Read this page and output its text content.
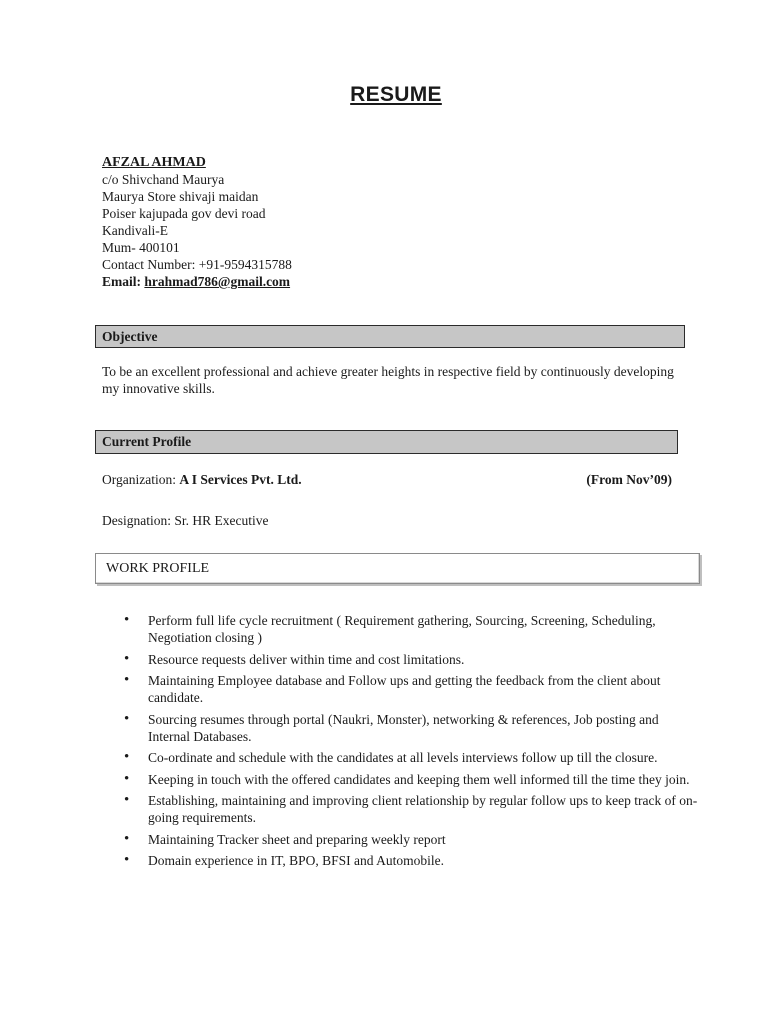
RESUME
AFZAL AHMAD
c/o Shivchand Maurya
Maurya Store shivaji maidan
Poiser kajupada gov devi road
Kandivali-E
Mum- 400101
Contact Number: +91-9594315788
Email: hrahmad786@gmail.com
Objective
To be an excellent professional and achieve greater heights in respective field by continuously developing my innovative skills.
Current Profile
Organization: A I Services Pvt. Ltd.	(From Nov’09)
Designation: Sr. HR Executive
WORK PROFILE
• Perform full life cycle recruitment ( Requirement gathering, Sourcing, Screening, Scheduling, Negotiation closing )
• Resource requests deliver within time and cost limitations.
• Maintaining Employee database and Follow ups and getting the feedback from the client about candidate.
• Sourcing resumes through portal (Naukri, Monster), networking & references, Job posting and Internal Databases.
• Co-ordinate and schedule with the candidates at all levels interviews follow up till the closure.
• Keeping in touch with the offered candidates and keeping them well informed till the time they join.
• Establishing, maintaining and improving client relationship by regular follow ups to keep track of on-going requirements.
• Maintaining Tracker sheet and preparing weekly report
• Domain experience in IT, BPO, BFSI and Automobile.
